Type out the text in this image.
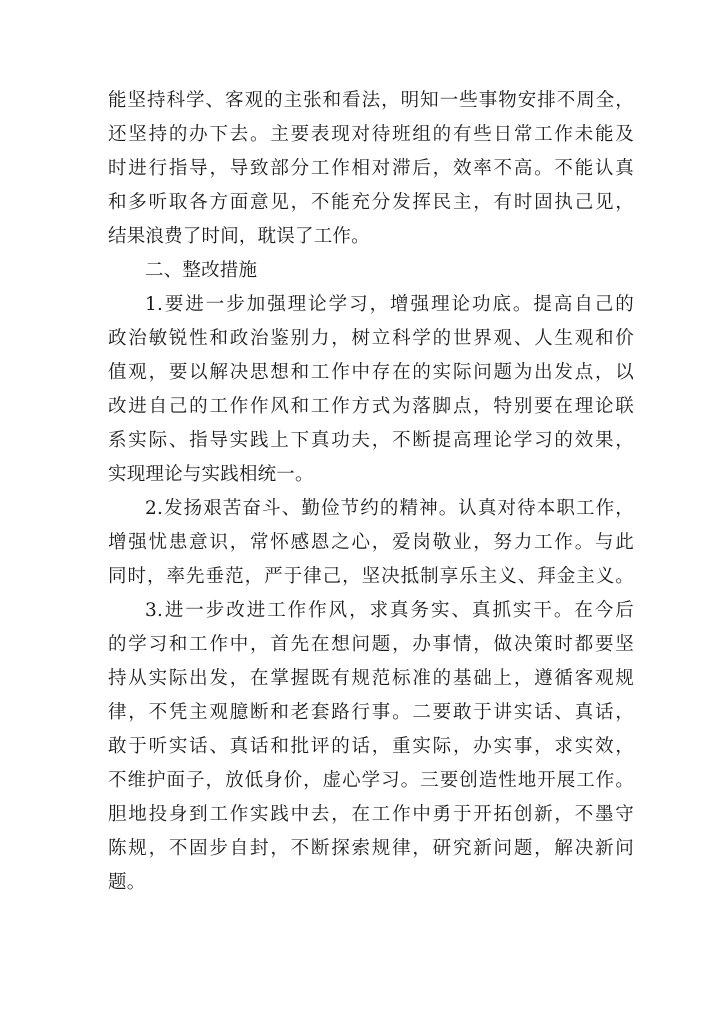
能坚持科学、客观的主张和看法，明知一些事物安排不周全，
还坚持的办下去。主要表现对待班组的有些日常工作未能及
时进行指导，导致部分工作相对滞后，效率不高。不能认真
和多听取各方面意见，不能充分发挥民主，有时固执己见，
结果浪费了时间，耽误了工作。
二、整改措施
1.要进一步加强理论学习，增强理论功底。提高自己的
政治敏锐性和政治鉴别力，树立科学的世界观、人生观和价
值观，要以解决思想和工作中存在的实际问题为出发点，以
改进自己的工作作风和工作方式为落脚点，特别要在理论联
系实际、指导实践上下真功夫，不断提高理论学习的效果，
实现理论与实践相统一。
2.发扬艰苦奋斗、勤俭节约的精神。认真对待本职工作，
增强忧患意识，常怀感恩之心，爱岗敬业，努力工作。与此
同时，率先垂范，严于律己，坚决抵制享乐主义、拜金主义。
3.进一步改进工作作风，求真务实、真抓实干。在今后
的学习和工作中，首先在想问题，办事情，做决策时都要坚
持从实际出发，在掌握既有规范标准的基础上，遵循客观规
律，不凭主观臆断和老套路行事。二要敢于讲实话、真话，
敢于听实话、真话和批评的话，重实际，办实事，求实效，
不维护面子，放低身价，虚心学习。三要创造性地开展工作。
胆地投身到工作实践中去，在工作中勇于开拓创新，不墨守
陈规，不固步自封，不断探索规律，研究新问题，解决新问
题。
